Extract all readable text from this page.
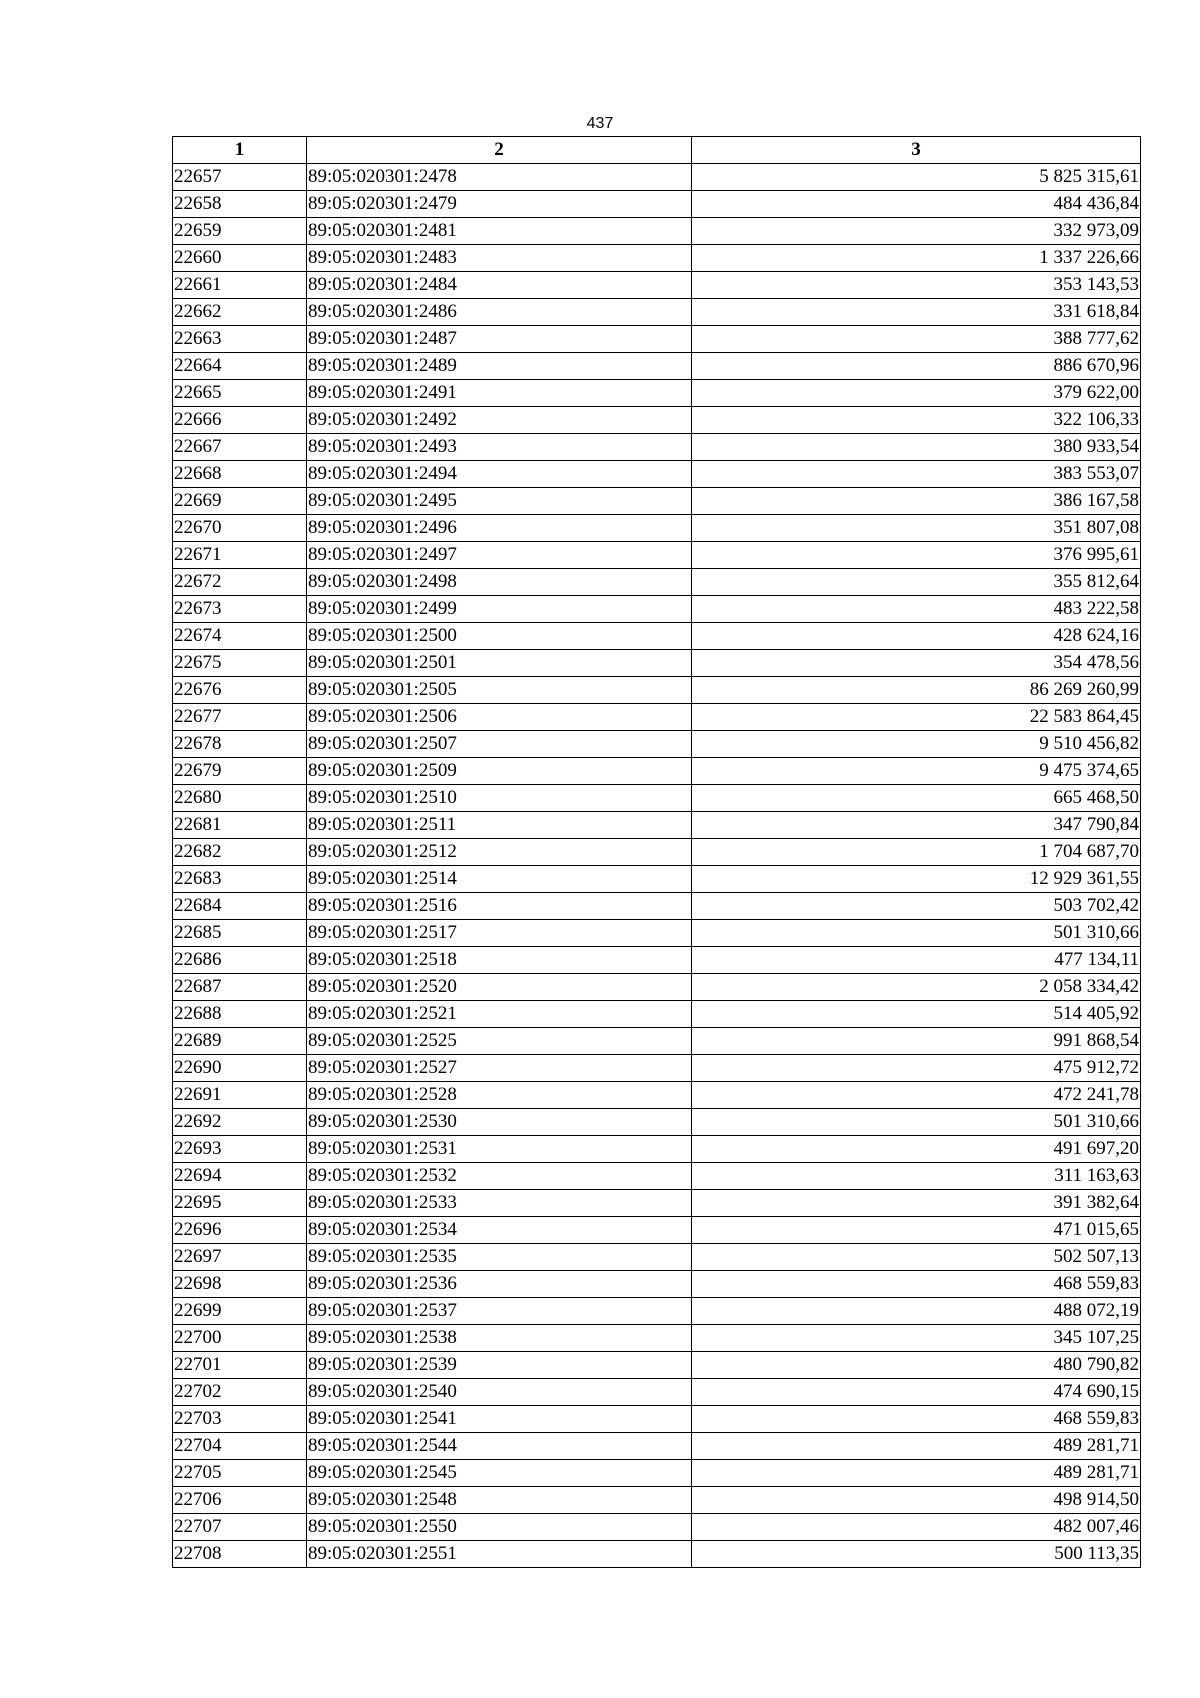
437
1	2	3
22657	89:05:020301:2478	5 825 315,61
22658	89:05:020301:2479	484 436,84
22659	89:05:020301:2481	332 973,09
22660	89:05:020301:2483	1 337 226,66
22661	89:05:020301:2484	353 143,53
22662	89:05:020301:2486	331 618,84
22663	89:05:020301:2487	388 777,62
22664	89:05:020301:2489	886 670,96
22665	89:05:020301:2491	379 622,00
22666	89:05:020301:2492	322 106,33
22667	89:05:020301:2493	380 933,54
22668	89:05:020301:2494	383 553,07
22669	89:05:020301:2495	386 167,58
22670	89:05:020301:2496	351 807,08
22671	89:05:020301:2497	376 995,61
22672	89:05:020301:2498	355 812,64
22673	89:05:020301:2499	483 222,58
22674	89:05:020301:2500	428 624,16
22675	89:05:020301:2501	354 478,56
22676	89:05:020301:2505	86 269 260,99
22677	89:05:020301:2506	22 583 864,45
22678	89:05:020301:2507	9 510 456,82
22679	89:05:020301:2509	9 475 374,65
22680	89:05:020301:2510	665 468,50
22681	89:05:020301:2511	347 790,84
22682	89:05:020301:2512	1 704 687,70
22683	89:05:020301:2514	12 929 361,55
22684	89:05:020301:2516	503 702,42
22685	89:05:020301:2517	501 310,66
22686	89:05:020301:2518	477 134,11
22687	89:05:020301:2520	2 058 334,42
22688	89:05:020301:2521	514 405,92
22689	89:05:020301:2525	991 868,54
22690	89:05:020301:2527	475 912,72
22691	89:05:020301:2528	472 241,78
22692	89:05:020301:2530	501 310,66
22693	89:05:020301:2531	491 697,20
22694	89:05:020301:2532	311 163,63
22695	89:05:020301:2533	391 382,64
22696	89:05:020301:2534	471 015,65
22697	89:05:020301:2535	502 507,13
22698	89:05:020301:2536	468 559,83
22699	89:05:020301:2537	488 072,19
22700	89:05:020301:2538	345 107,25
22701	89:05:020301:2539	480 790,82
22702	89:05:020301:2540	474 690,15
22703	89:05:020301:2541	468 559,83
22704	89:05:020301:2544	489 281,71
22705	89:05:020301:2545	489 281,71
22706	89:05:020301:2548	498 914,50
22707	89:05:020301:2550	482 007,46
22708	89:05:020301:2551	500 113,35
